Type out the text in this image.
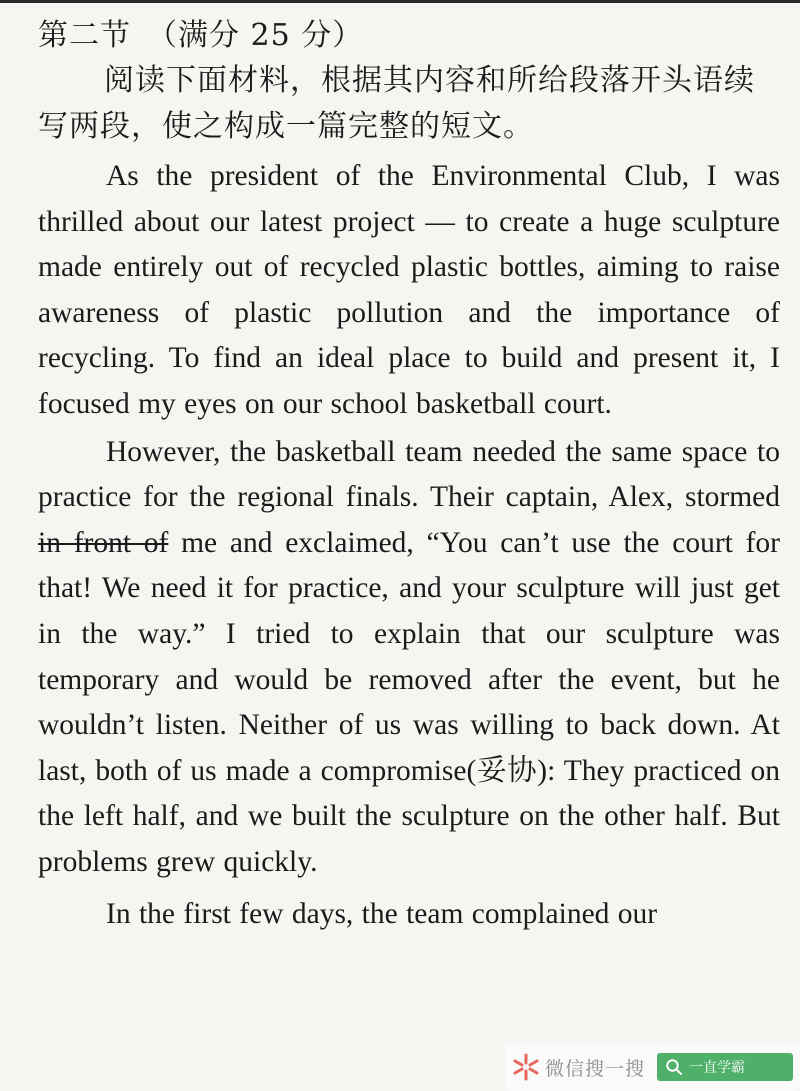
第二节　（满分 25 分）

阅读下面材料，根据其内容和所给段落开头语续写两段，使之构成一篇完整的短文。

As the president of the Environmental Club, I was thrilled about our latest project — to create a huge sculpture made entirely out of recycled plastic bottles, aiming to raise awareness of plastic pollution and the importance of recycling. To find an ideal place to build and present it, I focused my eyes on our school basketball court.

However, the basketball team needed the same space to practice for the regional finals. Their captain, Alex, stormed in front of me and exclaimed, “You can’t use the court for that! We need it for practice, and your sculpture will just get in the way.” I tried to explain that our sculpture was temporary and would be removed after the event, but he wouldn’t listen. Neither of us was willing to back down. At last, both of us made a compromise(妥协): They practiced on the left half, and we built the sculpture on the other half. But problems grew quickly.

In the first few days, the team complained our

微信搜一搜	一直学霸
